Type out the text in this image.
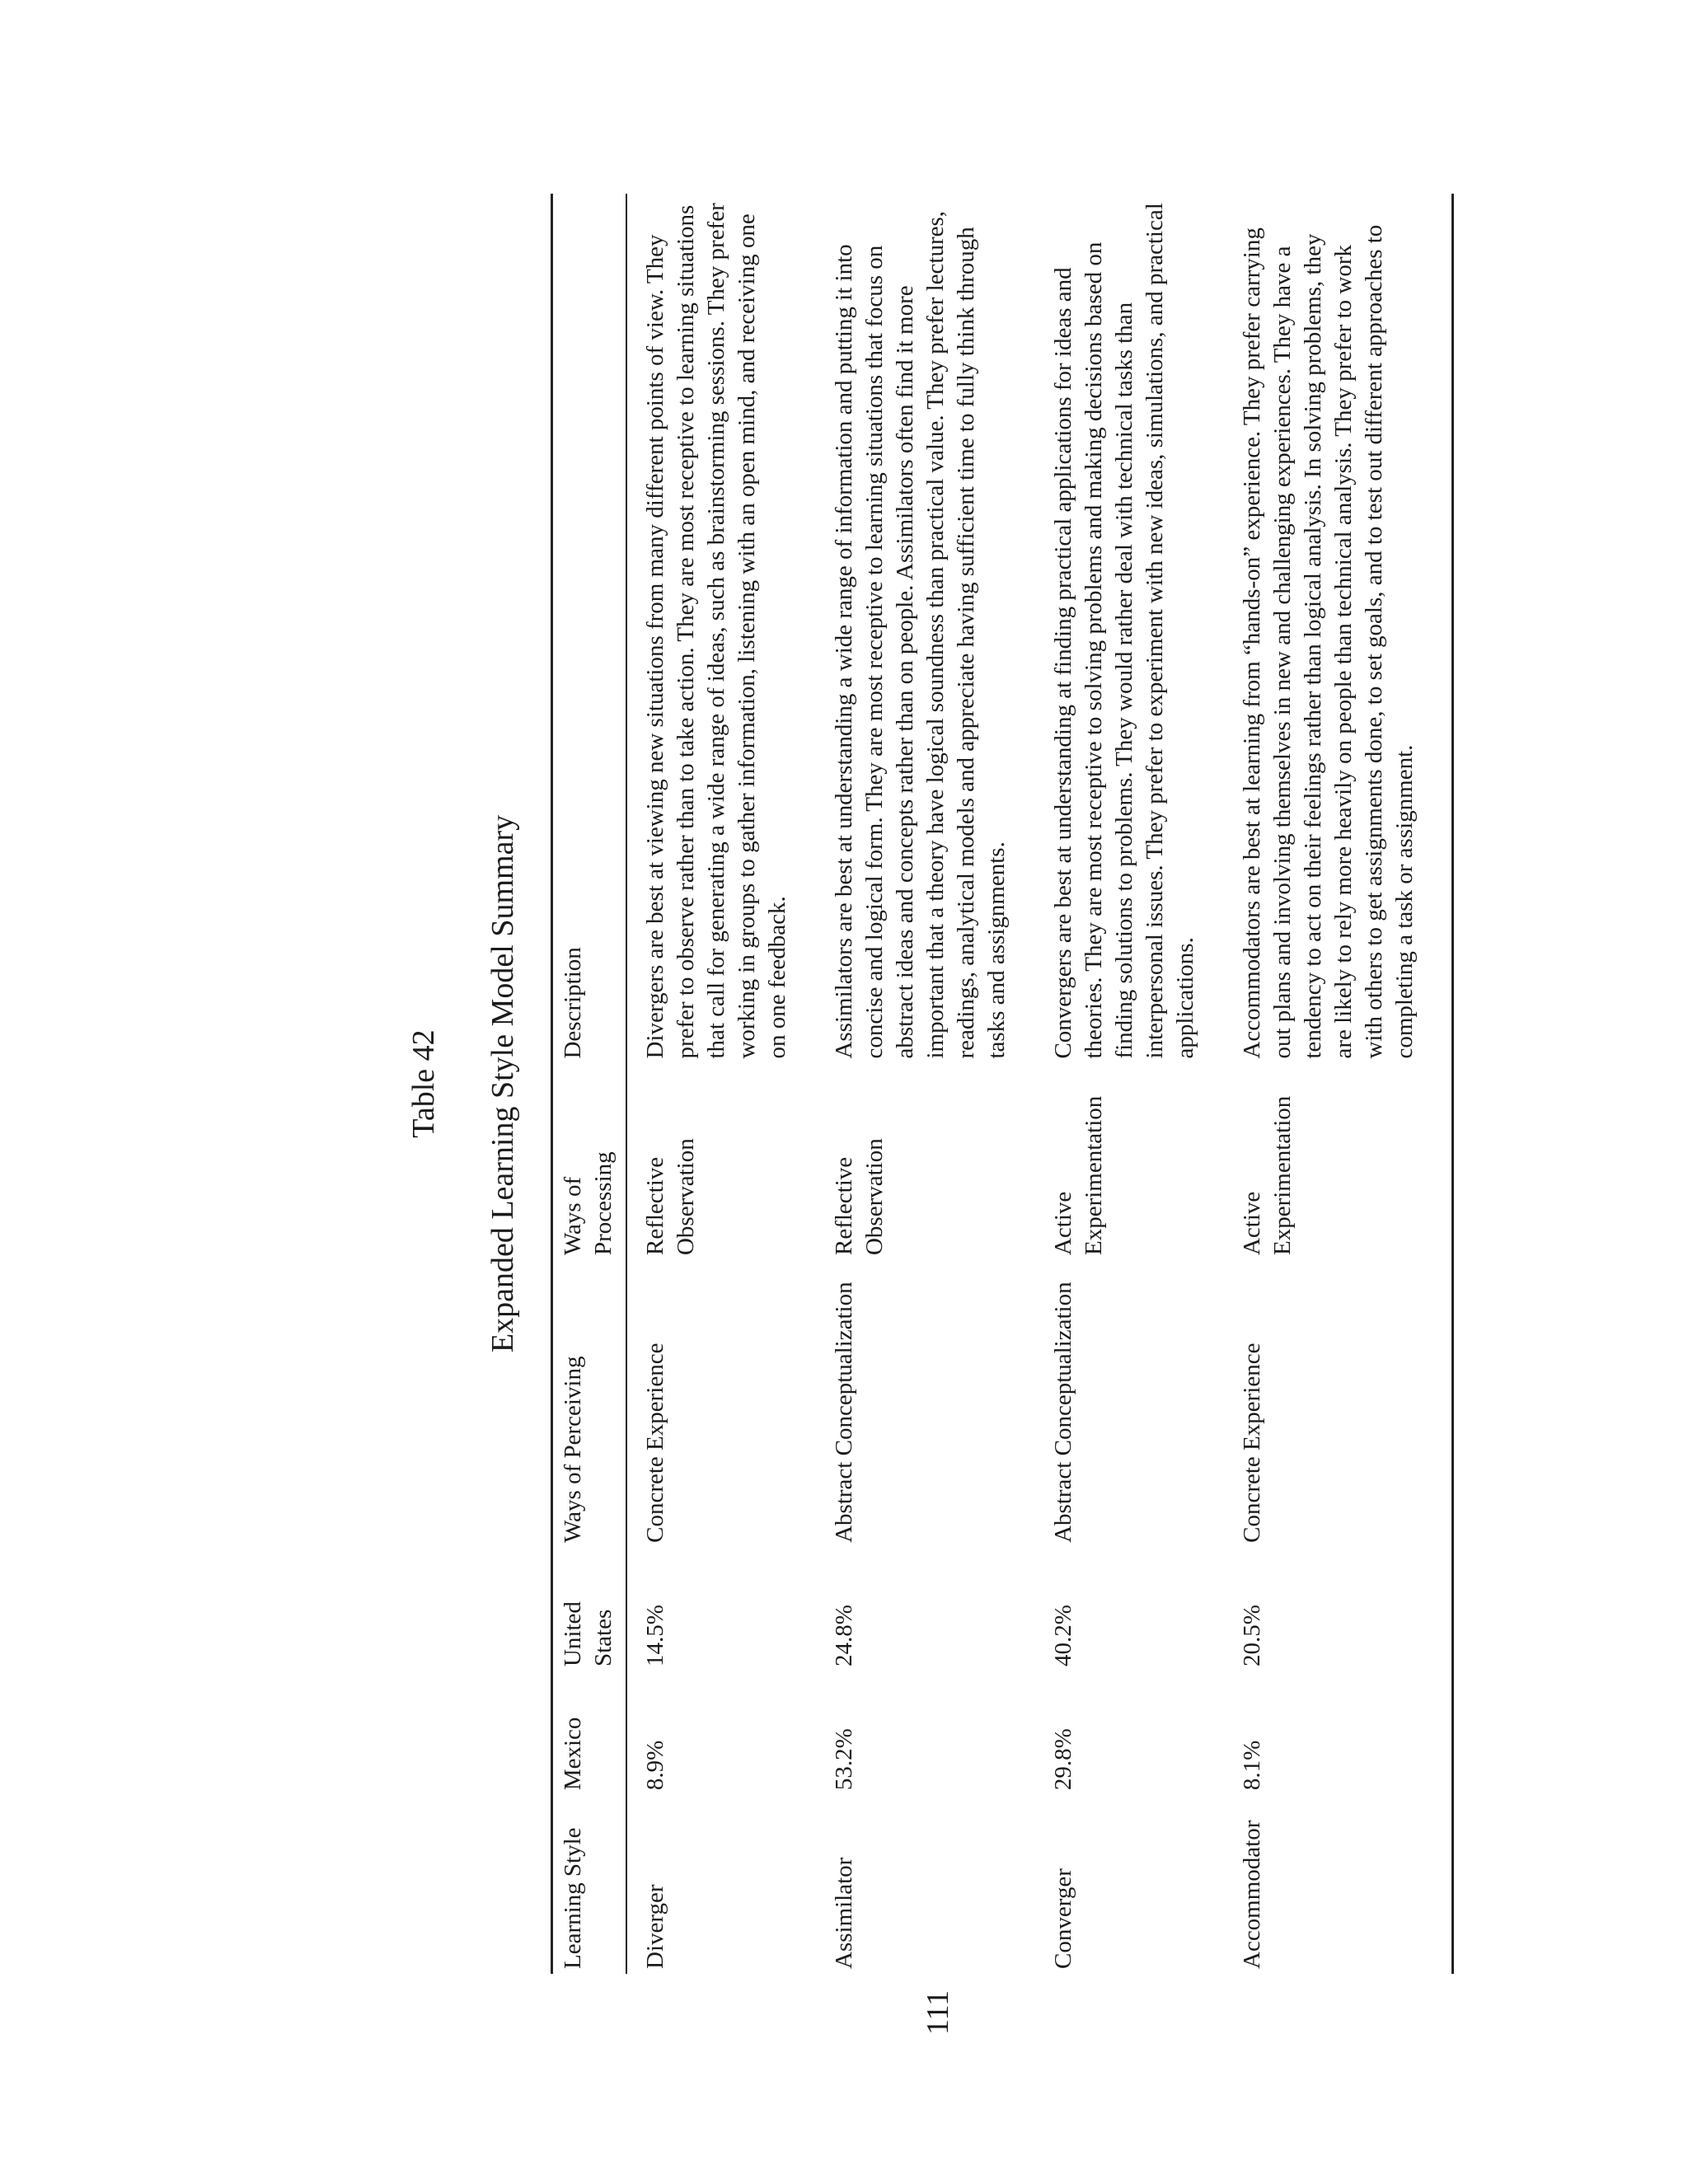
Table 42 Expanded Learning Style Model Summary
Learning Style	Mexico	United States	Ways of Perceiving	Ways of Processing	Description
Diverger	8.9%	14.5%	Concrete Experience	Reflective Observation	Divergers are best at viewing new situations from many different points of view. They prefer to observe rather than to take action. They are most receptive to learning situations that call for generating a wide range of ideas, such as brainstorming sessions. They prefer working in groups to gather information, listening with an open mind, and receiving one on one feedback.
Assimilator	53.2%	24.8%	Abstract Conceptualization	Reflective Observation	Assimilators are best at understanding a wide range of information and putting it into concise and logical form. They are most receptive to learning situations that focus on abstract ideas and concepts rather than on people. Assimilators often find it more important that a theory have logical soundness than practical value. They prefer lectures, readings, analytical models and appreciate having sufficient time to fully think through tasks and assignments.
Converger	29.8%	40.2%	Abstract Conceptualization	Active Experimentation	Convergers are best at understanding at finding practical applications for ideas and theories. They are most receptive to solving problems and making decisions based on finding solutions to problems. They would rather deal with technical tasks than interpersonal issues. They prefer to experiment with new ideas, simulations, and practical applications.
Accommodator	8.1%	20.5%	Concrete Experience	Active Experimentation	Accommodators are best at learning from “hands-on” experience. They prefer carrying out plans and involving themselves in new and challenging experiences. They have a tendency to act on their feelings rather than logical analysis. In solving problems, they are likely to rely more heavily on people than technical analysis. They prefer to work with others to get assignments done, to set goals, and to test out different approaches to completing a task or assignment.
111
